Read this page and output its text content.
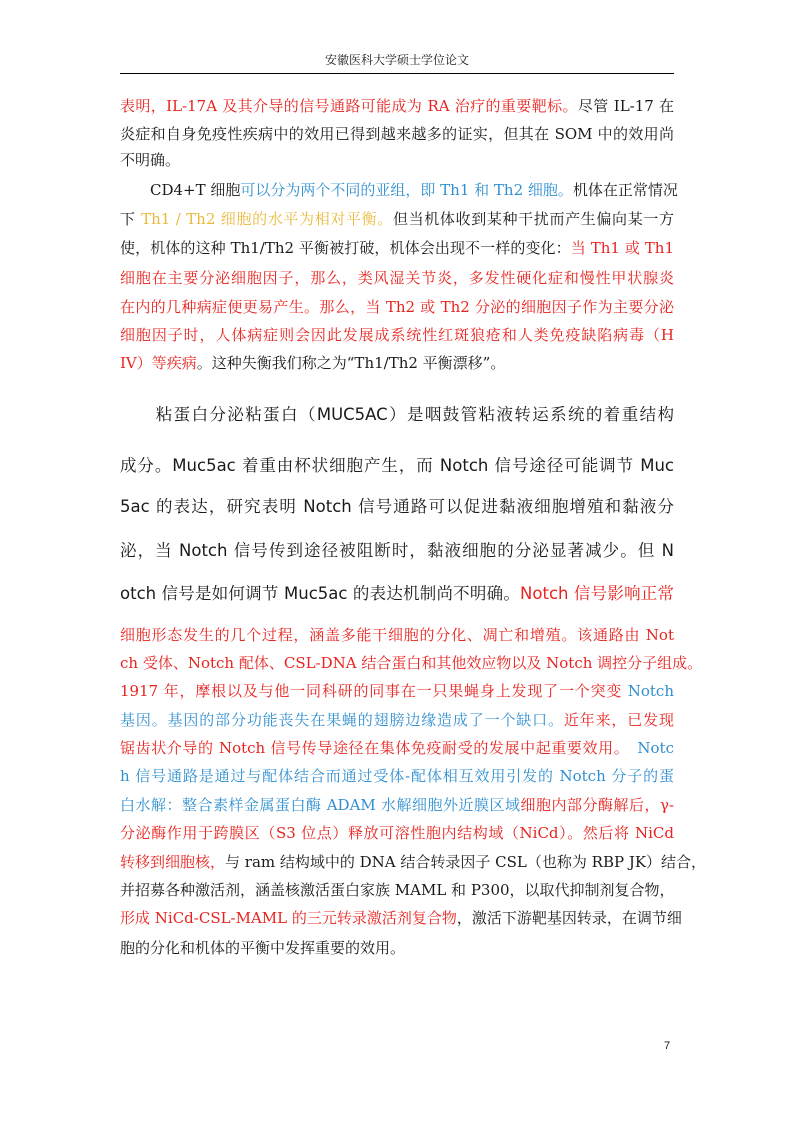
安徽医科大学硕士学位论文
表明，IL-17A 及其介导的信号通路可能成为 RA 治疗的重要靶标。尽管 IL-17 在
炎症和自身免疫性疾病中的效用已得到越来越多的证实，但其在 SOM 中的效用尚
不明确。
　　CD4+T 细胞可以分为两个不同的亚组，即 Th1 和 Th2 细胞。机体在正常情况
下 Th1 / Th2 细胞的水平为相对平衡。但当机体收到某种干扰而产生偏向某一方
使，机体的这种 Th1/Th2 平衡被打破，机体会出现不一样的变化：当 Th1 或 Th1
细胞在主要分泌细胞因子，那么，类风湿关节炎，多发性硬化症和慢性甲状腺炎
在内的几种病症便更易产生。那么，当 Th2 或 Th2 分泌的细胞因子作为主要分泌
细胞因子时，人体病症则会因此发展成系统性红斑狼疮和人类免疫缺陷病毒（H
IV）等疾病。这种失衡我们称之为“Th1/Th2 平衡漂移”。
　　粘蛋白分泌粘蛋白（MUC5AC）是咽鼓管粘液转运系统的着重结构
成分。Muc5ac 着重由杯状细胞产生，而 Notch 信号途径可能调节 Muc
5ac 的表达，研究表明 Notch 信号通路可以促进黏液细胞增殖和黏液分
泌，当 Notch 信号传到途径被阻断时，黏液细胞的分泌显著减少。但 N
otch 信号是如何调节 Muc5ac 的表达机制尚不明确。Notch 信号影响正常
细胞形态发生的几个过程，涵盖多能干细胞的分化、凋亡和增殖。该通路由 Not
ch 受体、Notch 配体、CSL-DNA 结合蛋白和其他效应物以及 Notch 调控分子组成。
1917 年，摩根以及与他一同科研的同事在一只果蝇身上发现了一个突变 Notch
基因。基因的部分功能丧失在果蝇的翅膀边缘造成了一个缺口。近年来，已发现
锯齿状介导的 Notch 信号传导途径在集体免疫耐受的发展中起重要效用。　Notc
h 信号通路是通过与配体结合而通过受体-配体相互效用引发的 Notch 分子的蛋
白水解：整合素样金属蛋白酶 ADAM 水解细胞外近膜区域细胞内部分酶解后，γ-
分泌酶作用于跨膜区（S3 位点）释放可溶性胞内结构域（NiCd）。然后将 NiCd
转移到细胞核，与 ram 结构域中的 DNA 结合转录因子 CSL（也称为 RBP JK）结合，
并招募各种激活剂，涵盖核激活蛋白家族 MAML 和 P300，以取代抑制剂复合物，
形成 NiCd-CSL-MAML 的三元转录激活剂复合物，激活下游靶基因转录，在调节细
胞的分化和机体的平衡中发挥重要的效用。
7
